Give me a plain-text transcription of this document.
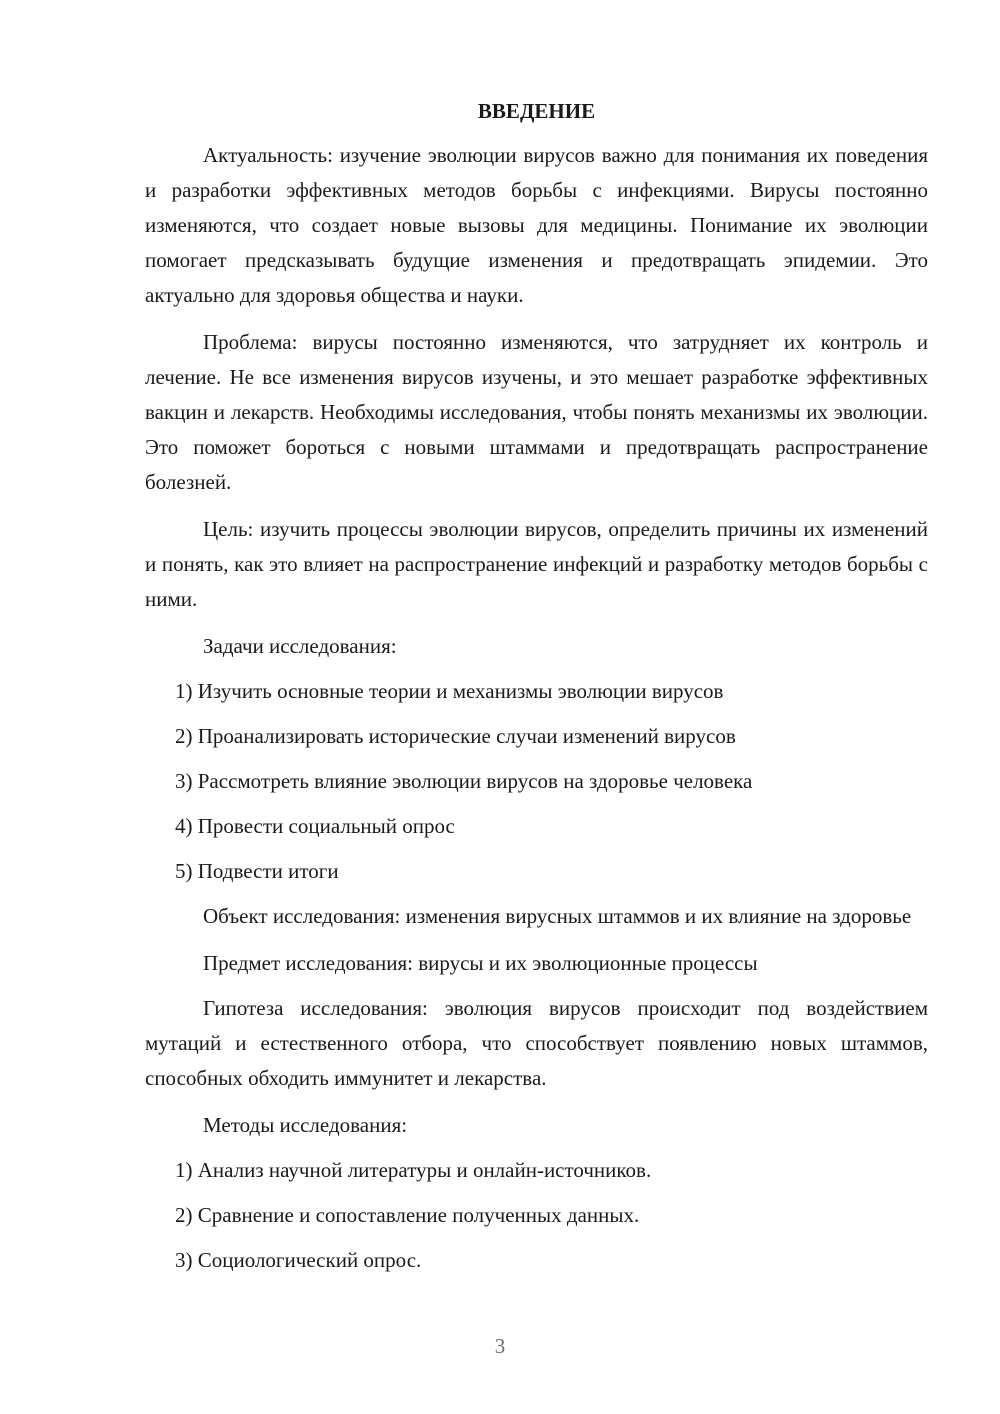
ВВЕДЕНИЕ

Актуальность: изучение эволюции вирусов важно для понимания их поведения и разработки эффективных методов борьбы с инфекциями. Вирусы постоянно изменяются, что создает новые вызовы для медицины. Понимание их эволюции помогает предсказывать будущие изменения и предотвращать эпидемии. Это актуально для здоровья общества и науки.

Проблема: вирусы постоянно изменяются, что затрудняет их контроль и лечение. Не все изменения вирусов изучены, и это мешает разработке эффективных вакцин и лекарств. Необходимы исследования, чтобы понять механизмы их эволюции. Это поможет бороться с новыми штаммами и предотвращать распространение болезней.

Цель: изучить процессы эволюции вирусов, определить причины их изменений и понять, как это влияет на распространение инфекций и разработку методов борьбы с ними.

Задачи исследования:

1) Изучить основные теории и механизмы эволюции вирусов

2) Проанализировать исторические случаи изменений вирусов

3) Рассмотреть влияние эволюции вирусов на здоровье человека

4) Провести социальный опрос

5) Подвести итоги

Объект исследования: изменения вирусных штаммов и их влияние на здоровье

Предмет исследования: вирусы и их эволюционные процессы

Гипотеза исследования: эволюция вирусов происходит под воздействием мутаций и естественного отбора, что способствует появлению новых штаммов, способных обходить иммунитет и лекарства.

Методы исследования:

1) Анализ научной литературы и онлайн-источников.

2) Сравнение и сопоставление полученных данных.

3) Социологический опрос.

3
